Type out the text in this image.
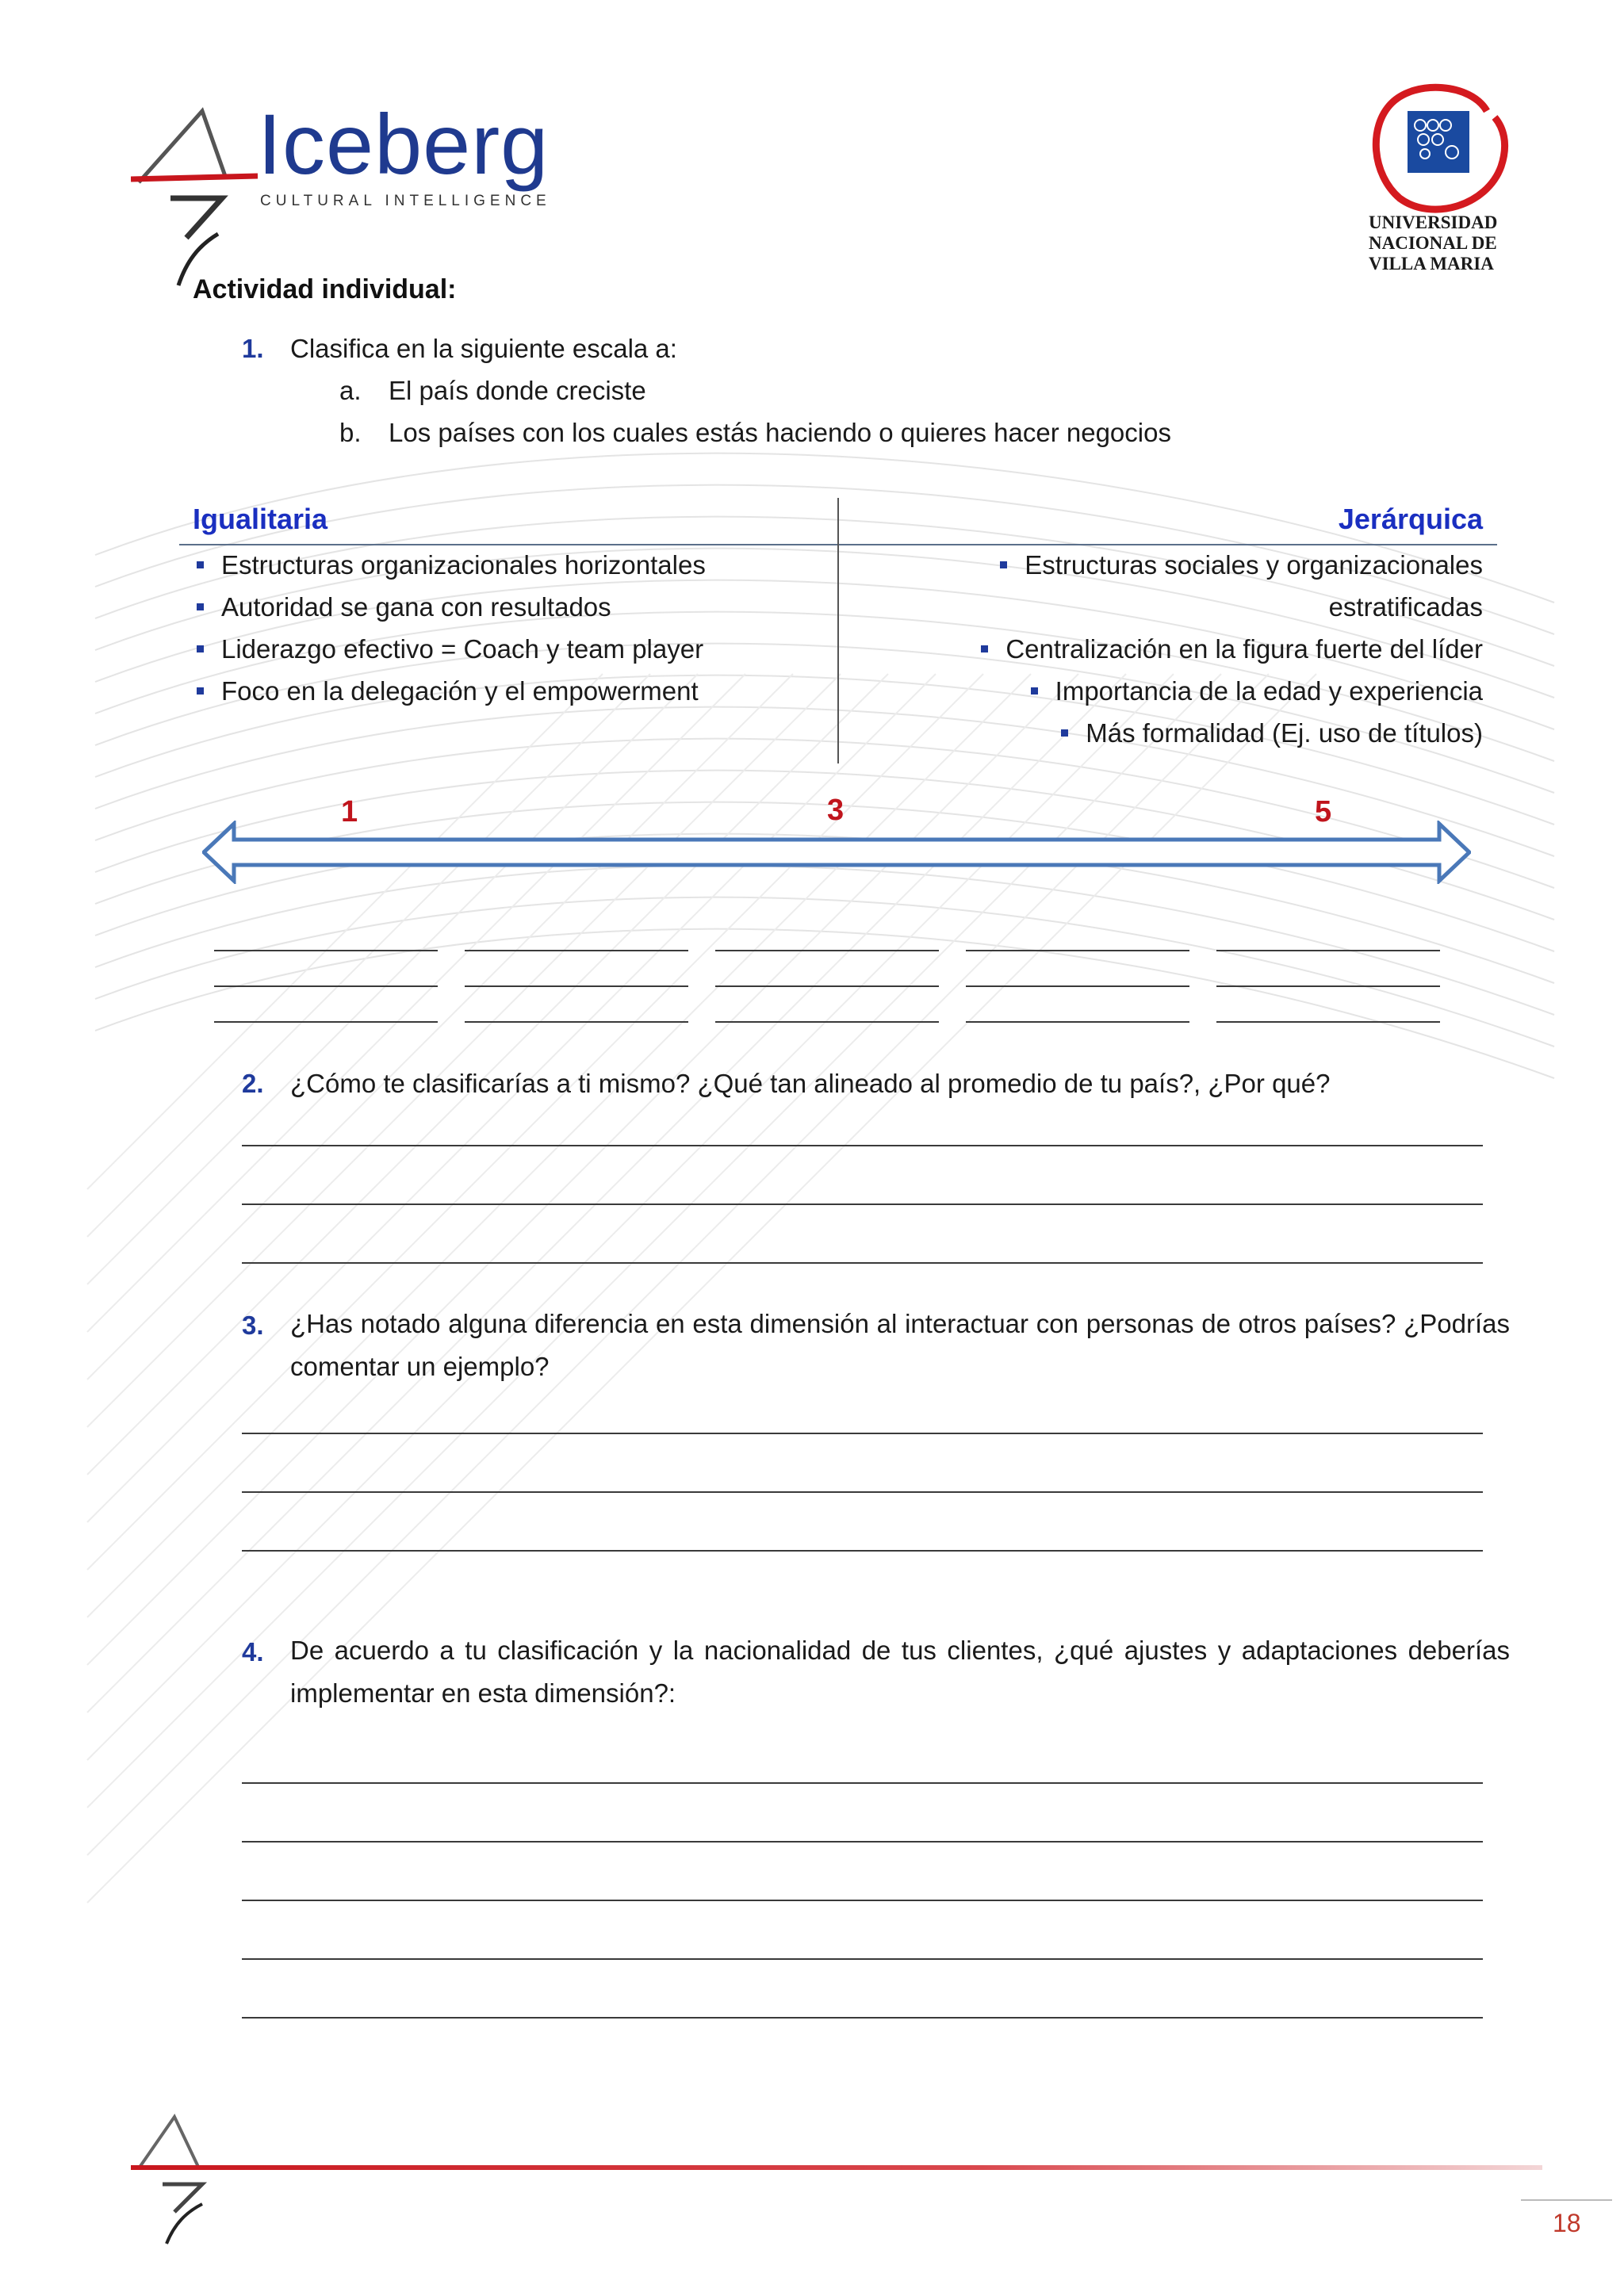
Iceberg
CULTURAL INTELLIGENCE
UNIVERSIDAD
NACIONAL DE
VILLA MARIA
Actividad individual:
1. Clasifica en la siguiente escala a:
a. El país donde creciste
b. Los países con los cuales estás haciendo o quieres hacer negocios
Igualitaria	Jerárquica
Estructuras organizacionales horizontales
Autoridad se gana con resultados
Liderazgo efectivo = Coach y team player
Foco en la delegación y el empowerment
Estructuras sociales y organizacionales
estratificadas
Centralización en la figura fuerte del líder
Importancia de la edad y experiencia
Más formalidad (Ej. uso de títulos)
1	3	5
2. ¿Cómo te clasificarías a ti mismo? ¿Qué tan alineado al promedio de tu país?, ¿Por qué?
3. ¿Has notado alguna diferencia en esta dimensión al interactuar con personas de otros países? ¿Podrías comentar un ejemplo?
4. De acuerdo a tu clasificación y la nacionalidad de tus clientes, ¿qué ajustes y adaptaciones deberías implementar en esta dimensión?:
18
